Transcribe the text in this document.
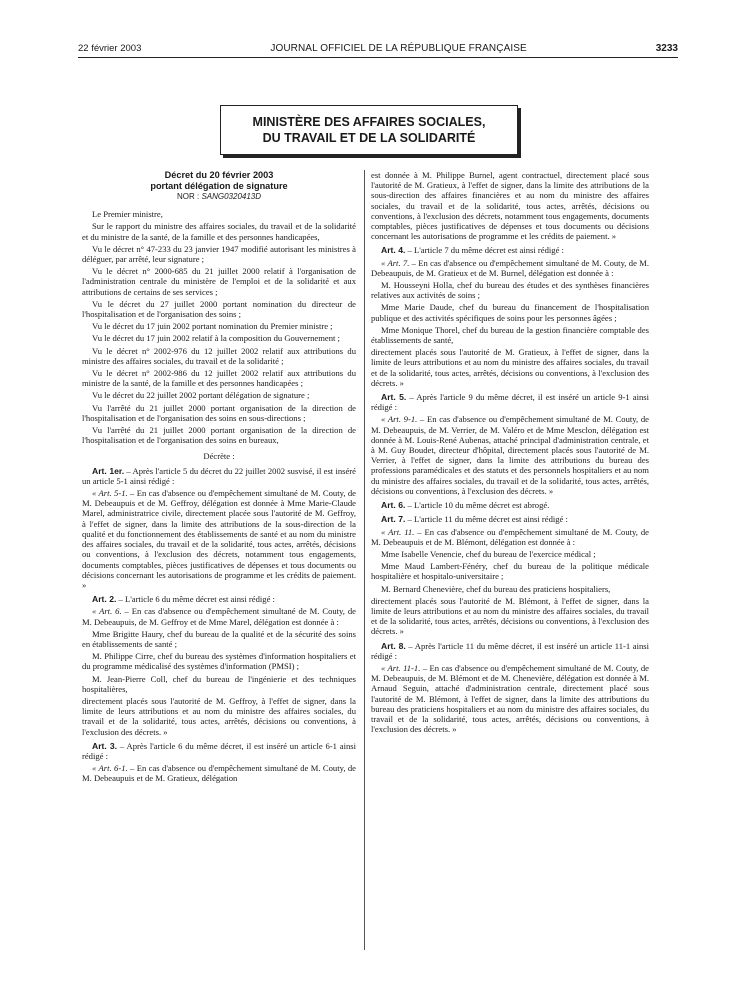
22 février 2003	JOURNAL OFFICIEL DE LA RÉPUBLIQUE FRANÇAISE	3233
MINISTÈRE DES AFFAIRES SOCIALES,
DU TRAVAIL ET DE LA SOLIDARITÉ
Décret du 20 février 2003
portant délégation de signature
NOR : SANG0320413D

Le Premier ministre,

Sur le rapport du ministre des affaires sociales, du travail et de la solidarité et du ministre de la santé, de la famille et des personnes handicapées,

Vu le décret n° 47-233 du 23 janvier 1947 modifié autorisant les ministres à déléguer, par arrêté, leur signature ;

Vu le décret n° 2000-685 du 21 juillet 2000 relatif à l'organisation de l'administration centrale du ministère de l'emploi et de la solidarité et aux attributions de certains de ses services ;

Vu le décret du 27 juillet 2000 portant nomination du directeur de l'hospitalisation et de l'organisation des soins ;

Vu le décret du 17 juin 2002 portant nomination du Premier ministre ;

Vu le décret du 17 juin 2002 relatif à la composition du Gouvernement ;

Vu le décret n° 2002-976 du 12 juillet 2002 relatif aux attributions du ministre des affaires sociales, du travail et de la solidarité ;

Vu le décret n° 2002-986 du 12 juillet 2002 relatif aux attributions du ministre de la santé, de la famille et des personnes handicapées ;

Vu le décret du 22 juillet 2002 portant délégation de signature ;

Vu l'arrêté du 21 juillet 2000 portant organisation de la direction de l'hospitalisation et de l'organisation des soins en sous-directions ;

Vu l'arrêté du 21 juillet 2000 portant organisation de la direction de l'hospitalisation et de l'organisation des soins en bureaux,

Décrète :

Art. 1er. – Après l'article 5 du décret du 22 juillet 2002 susvisé, il est inséré un article 5-1 ainsi rédigé :

« Art. 5-1. – En cas d'absence ou d'empêchement simultané de M. Couty, de M. Debeaupuis et de M. Geffroy, délégation est donnée à Mme Marie-Claude Marel, administratrice civile, directement placée sous l'autorité de M. Geffroy, à l'effet de signer, dans la limite des attributions de la sous-direction de la qualité et du fonctionnement des établissements de santé et au nom du ministre des affaires sociales, du travail et de la solidarité, tous actes, arrêtés, décisions ou conventions, à l'exclusion des décrets, notamment tous engagements, documents comptables, pièces justificatives de dépenses et tous documents ou décisions concernant les autorisations de programme et les crédits de paiement. »

Art. 2. – L'article 6 du même décret est ainsi rédigé :

« Art. 6. – En cas d'absence ou d'empêchement simultané de M. Couty, de M. Debeaupuis, de M. Geffroy et de Mme Marel, délégation est donnée à :

Mme Brigitte Haury, chef du bureau de la qualité et de la sécurité des soins en établissements de santé ;

M. Philippe Cirre, chef du bureau des systèmes d'information hospitaliers et du programme médicalisé des systèmes d'information (PMSI) ;

M. Jean-Pierre Coll, chef du bureau de l'ingénierie et des techniques hospitalières,

directement placés sous l'autorité de M. Geffroy, à l'effet de signer, dans la limite de leurs attributions et au nom du ministre des affaires sociales, du travail et de la solidarité, tous actes, arrêtés, décisions ou conventions, à l'exclusion des décrets. »

Art. 3. – Après l'article 6 du même décret, il est inséré un article 6-1 ainsi rédigé :

« Art. 6-1. – En cas d'absence ou d'empêchement simultané de M. Couty, de M. Debeaupuis et de M. Gratieux, délégation

est donnée à M. Philippe Burnel, agent contractuel, directement placé sous l'autorité de M. Gratieux, à l'effet de signer, dans la limite des attributions de la sous-direction des affaires financières et au nom du ministre des affaires sociales, du travail et de la solidarité, tous actes, arrêtés, décisions ou conventions, à l'exclusion des décrets, notamment tous engagements, documents comptables, pièces justificatives de dépenses et tous documents ou décisions concernant les autorisations de programme et les crédits de paiement. »

Art. 4. – L'article 7 du même décret est ainsi rédigé :

« Art. 7. – En cas d'absence ou d'empêchement simultané de M. Couty, de M. Debeaupuis, de M. Gratieux et de M. Burnel, délégation est donnée à :

M. Housseyni Holla, chef du bureau des études et des synthèses financières relatives aux activités de soins ;

Mme Marie Daude, chef du bureau du financement de l'hospitalisation publique et des activités spécifiques de soins pour les personnes âgées ;

Mme Monique Thorel, chef du bureau de la gestion financière comptable des établissements de santé,

directement placés sous l'autorité de M. Gratieux, à l'effet de signer, dans la limite de leurs attributions et au nom du ministre des affaires sociales, du travail et de la solidarité, tous actes, arrêtés, décisions ou conventions, à l'exclusion des décrets. »

Art. 5. – Après l'article 9 du même décret, il est inséré un article 9-1 ainsi rédigé :

« Art. 9-1. – En cas d'absence ou d'empêchement simultané de M. Couty, de M. Debeaupuis, de M. Verrier, de M. Valéro et de Mme Mesclon, délégation est donnée à M. Louis-René Aubenas, attaché principal d'administration centrale, et à M. Guy Boudet, directeur d'hôpital, directement placés sous l'autorité de M. Verrier, à l'effet de signer, dans la limite des attributions du bureau des professions paramédicales et des statuts et des personnels hospitaliers et au nom du ministre des affaires sociales, du travail et de la solidarité, tous actes, arrêtés, décisions ou conventions, à l'exclusion des décrets. »

Art. 6. – L'article 10 du même décret est abrogé.

Art. 7. – L'article 11 du même décret est ainsi rédigé :

« Art. 11. – En cas d'absence ou d'empêchement simultané de M. Couty, de M. Debeaupuis et de M. Blémont, délégation est donnée à :

Mme Isabelle Venencie, chef du bureau de l'exercice médical ;

Mme Maud Lambert-Fénéry, chef du bureau de la politique médicale hospitalière et hospitalo-universitaire ;

M. Bernard Chenevière, chef du bureau des praticiens hospitaliers,

directement placés sous l'autorité de M. Blémont, à l'effet de signer, dans la limite de leurs attributions et au nom du ministre des affaires sociales, du travail et de la solidarité, tous actes, arrêtés, décisions ou conventions, à l'exclusion des décrets. »

Art. 8. – Après l'article 11 du même décret, il est inséré un article 11-1 ainsi rédigé :

« Art. 11-1. – En cas d'absence ou d'empêchement simultané de M. Couty, de M. Debeaupuis, de M. Blémont et de M. Chenevière, délégation est donnée à M. Arnaud Seguin, attaché d'administration centrale, directement placé sous l'autorité de M. Blémont, à l'effet de signer, dans la limite des attributions du bureau des praticiens hospitaliers et au nom du ministre des affaires sociales, du travail et de la solidarité, tous actes, arrêtés, décisions ou conventions, à l'exclusion des décrets. »
